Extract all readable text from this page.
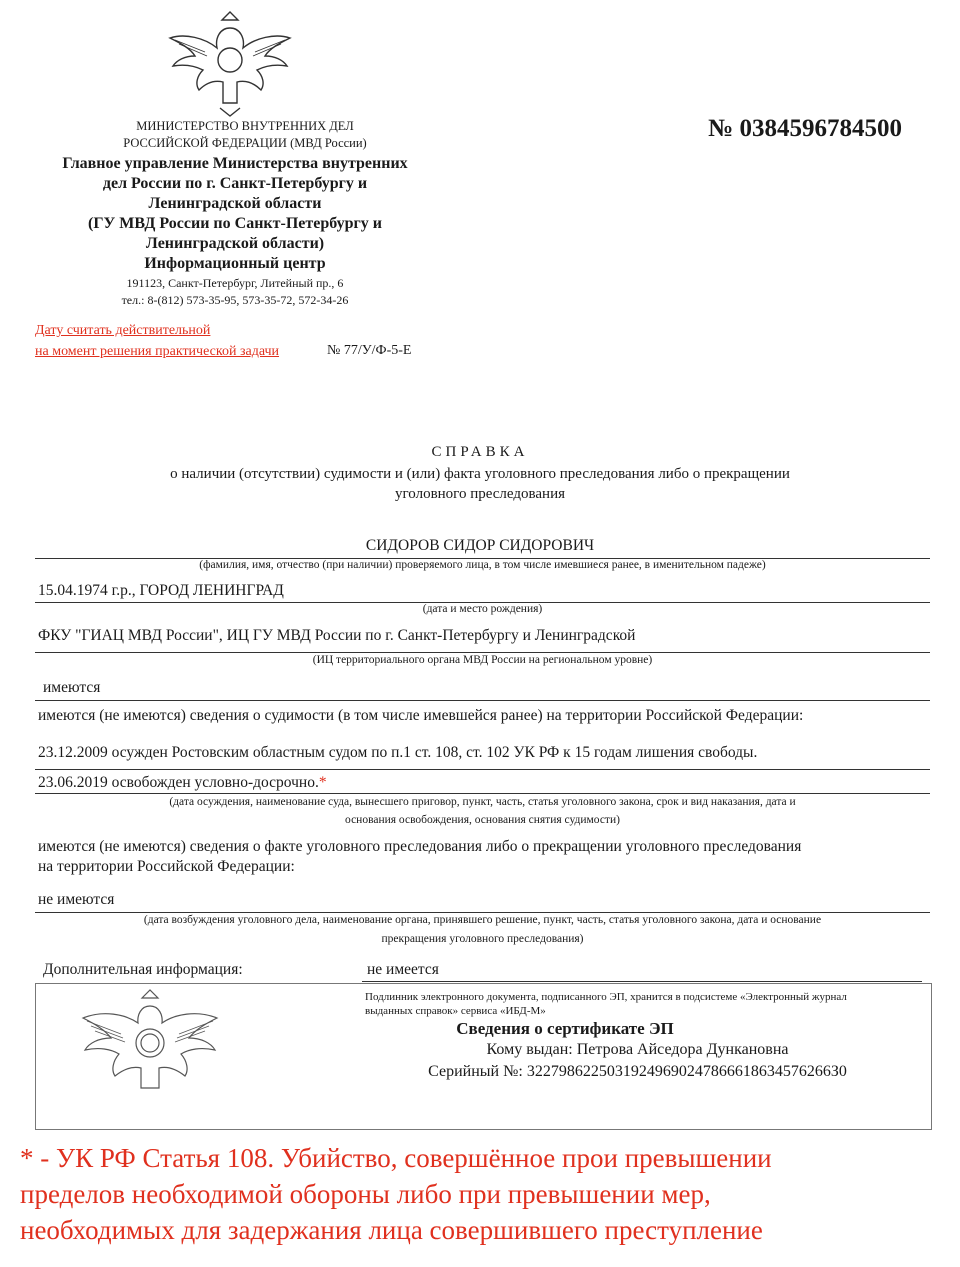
МИНИСТЕРСТВО ВНУТРЕННИХ ДЕЛ
РОССИЙСКОЙ ФЕДЕРАЦИИ (МВД России)
Главное управление Министерства внутренних
дел России по г. Санкт-Петербургу и
Ленинградской области
(ГУ МВД России по Санкт-Петербургу и
Ленинградской области)
Информационный центр
191123, Санкт-Петербург, Литейный пр., 6
тел.: 8-(812) 573-35-95, 573-35-72, 572-34-26
Дату считать действительной
на момент решения практической задачи	№ 77/У/Ф-5-Е
№ 0384596784500
СПРАВКА
о наличии (отсутствии) судимости и (или) факта уголовного преследования либо о прекращении
уголовного преследования
СИДОРОВ СИДОР СИДОРОВИЧ
(фамилия, имя, отчество (при наличии) проверяемого лица, в том числе имевшиеся ранее, в именительном падеже)
15.04.1974 г.р., ГОРОД ЛЕНИНГРАД
(дата и место рождения)
ФКУ "ГИАЦ МВД России", ИЦ ГУ МВД России по г. Санкт-Петербургу и Ленинградской
(ИЦ территориального органа МВД России на региональном уровне)
имеются
имеются (не имеются) сведения о судимости (в том числе имевшейся ранее) на территории Российской Федерации:
23.12.2009 осужден Ростовским областным судом по п.1 ст. 108, ст. 102 УК РФ к 15 годам лишения свободы.
23.06.2019 освобожден условно-досрочно.*
(дата осуждения, наименование суда, вынесшего приговор, пункт, часть, статья уголовного закона, срок и вид наказания, дата и
основания освобождения, основания снятия судимости)
имеются (не имеются) сведения о факте уголовного преследования либо о прекращении уголовного преследования
на территории Российской Федерации:
не имеются
(дата возбуждения уголовного дела, наименование органа, принявшего решение, пункт, часть, статья уголовного закона, дата и основание
прекращения уголовного преследования)
Дополнительная информация:	не имеется
Подлинник электронного документа, подписанного ЭП, хранится в подсистеме «Электронный журнал
выданных справок» сервиса «ИБД-М»
Сведения о сертификате ЭП
Кому выдан: Петрова Айседора Дункановна
Серийный №: 32279862250319249690247866618634576266З0
* - УК РФ Статья 108. Убийство, совершённое прои превышении
пределов необходимой обороны либо при превышении мер,
необходимых для задержания лица совершившего преступление
